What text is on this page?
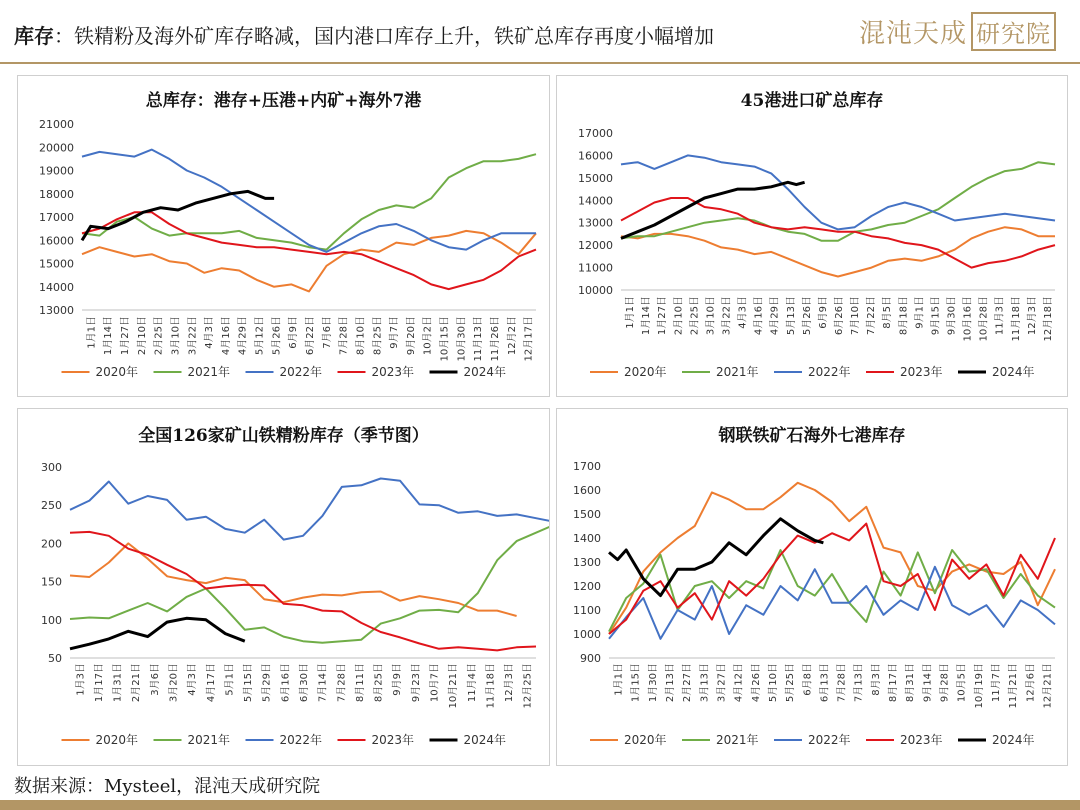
库存：铁精粉及海外矿库存略减，国内港口库存上升，铁矿总库存再度小幅增加	混沌天成 研究院
总库存：港存+压港+内矿+海外7港
13000
14000
15000
16000
17000
18000
19000
20000
21000
1月1日 1月14日 1月27日 2月10日 2月25日 3月10日 3月22日 4月3日 4月16日 4月29日 5月12日 5月26日 6月9日 6月22日 7月6日 7月28日 8月10日 8月25日 9月7日 9月20日 10月2日 10月15日 10月30日 11月13日 11月26日 12月2日 12月17日
2020年	2021年	2022年	2023年	2024年
45港进口矿总库存
10000
11000
12000
13000
14000
15000
16000
17000
1月1日 1月14日 1月27日 2月10日 2月25日 3月10日 3月22日 4月3日 4月16日 4月29日 5月13日 5月26日 6月9日 6月26日 7月10日 7月22日 8月5日 8月18日 9月1日 9月15日 9月30日 10月16日 10月28日 11月3日 11月18日 12月3日 12月18日
2020年	2021年	2022年	2023年	2024年
全国126家矿山铁精粉库存（季节图）
50
100
150
200
250
300
1月3日 1月17日 1月31日 2月21日 3月6日 3月20日 4月3日 4月17日 5月1日 5月15日 5月29日 6月16日 6月30日 7月14日 7月28日 8月11日 8月25日 9月9日 9月23日 10月7日 10月21日 11月4日 11月18日 12月3日 12月25日
2020年	2021年	2022年	2023年	2024年
钢联铁矿石海外七港库存
900
1000
1100
1200
1300
1400
1500
1600
1700
1月1日 1月15日 1月30日 2月13日 2月27日 3月13日 3月27日 4月12日 4月26日 5月10日 5月25日 6月8日 6月13日 7月28日 7月13日 8月3日 8月17日 8月31日 9月14日 9月28日 10月5日 10月19日 11月7日 11月21日 12月6日 12月21日
2020年	2021年	2022年	2023年	2024年
数据来源：Mysteel，混沌天成研究院
